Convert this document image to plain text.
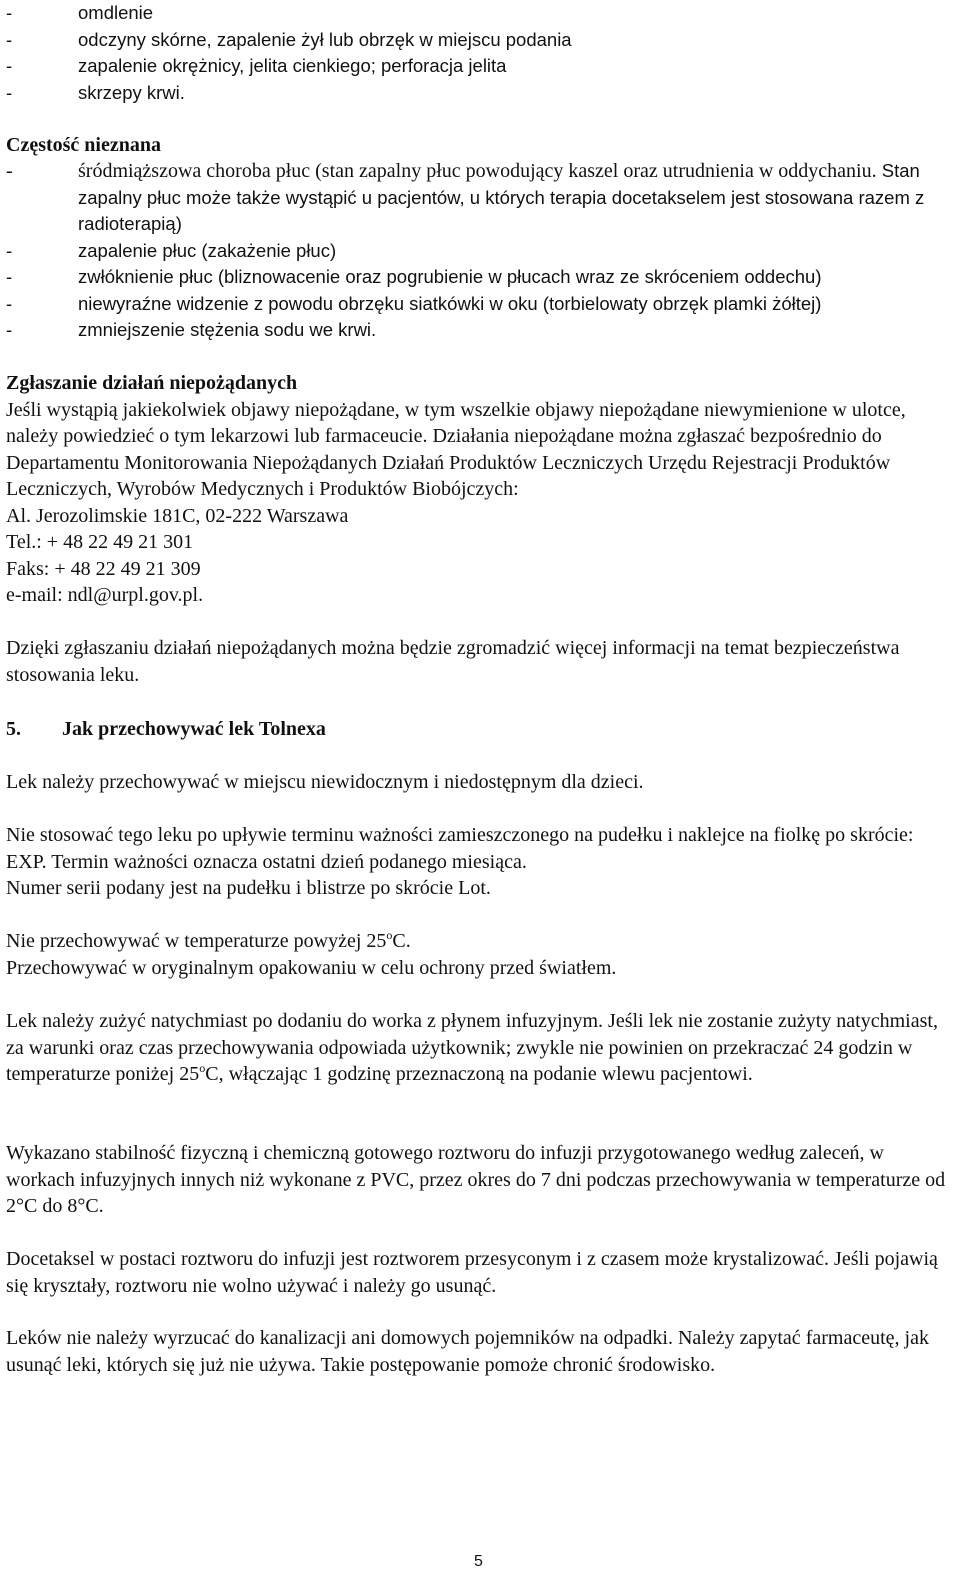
-	omdlenie
-	odczyny skórne, zapalenie żył lub obrzęk w miejscu podania
-	zapalenie okrężnicy, jelita cienkiego; perforacja jelita
-	skrzepy krwi.
Częstość nieznana
-	śródmiąższowa choroba płuc (stan zapalny płuc powodujący kaszel oraz utrudnienia w oddychaniu. Stan zapalny płuc może także wystąpić u pacjentów, u których terapia docetakselem jest stosowana razem z radioterapią)
-	zapalenie płuc (zakażenie płuc)
-	zwłóknienie płuc (bliznowacenie oraz pogrubienie w płucach wraz ze skróceniem oddechu)
-	niewyraźne widzenie z powodu obrzęku siatkówki w oku (torbielowaty obrzęk plamki żółtej)
-	zmniejszenie stężenia sodu we krwi.

Zgłaszanie działań niepożądanych

Jeśli wystąpią jakiekolwiek objawy niepożądane, w tym wszelkie objawy niepożądane niewymienione w ulotce, należy powiedzieć o tym lekarzowi lub farmaceucie. Działania niepożądane można zgłaszać bezpośrednio do Departamentu Monitorowania Niepożądanych Działań Produktów Leczniczych Urzędu Rejestracji Produktów Leczniczych, Wyrobów Medycznych i Produktów Biobójczych:

Al. Jerozolimskie 181C, 02-222 Warszawa

Tel.: + 48 22 49 21 301

Faks: + 48 22 49 21 309

e-mail: ndl@urpl.gov.pl.

Dzięki zgłaszaniu działań niepożądanych można będzie zgromadzić więcej informacji na temat bezpieczeństwa stosowania leku.
5. Jak przechowywać lek Tolnexa
Lek należy przechowywać w miejscu niewidocznym i niedostępnym dla dzieci.

Nie stosować tego leku po upływie terminu ważności zamieszczonego na pudełku i naklejce na fiolkę po skrócie: EXP. Termin ważności oznacza ostatni dzień podanego miesiąca.

Numer serii podany jest na pudełku i blistrze po skrócie Lot.

Nie przechowywać w temperaturze powyżej 25$^o$C.

Przechowywać w oryginalnym opakowaniu w celu ochrony przed światłem.

Lek należy zużyć natychmiast po dodaniu do worka z płynem infuzyjnym. Jeśli lek nie zostanie zużyty natychmiast, za warunki oraz czas przechowywania odpowiada użytkownik; zwykle nie powinien on przekraczać 24 godzin w temperaturze poniżej 25$^o$C, włączając 1 godzinę przeznaczoną na podanie wlewu pacjentowi.
Wykazano stabilność fizyczną i chemiczną gotowego roztworu do infuzji przygotowanego według zaleceń, w workach infuzyjnych innych niż wykonane z PVC, przez okres do 7 dni podczas przechowywania w temperaturze od 2°C do 8°C.
Docetaksel w postaci roztworu do infuzji jest roztworem przesyconym i z czasem może krystalizować. Jeśli pojawią się kryształy, roztworu nie wolno używać i należy go usunąć.
Leków nie należy wyrzucać do kanalizacji ani domowych pojemników na odpadki. Należy zapytać farmaceutę, jak usunąć leki, których się już nie używa. Takie postępowanie pomoże chronić środowisko.
5
